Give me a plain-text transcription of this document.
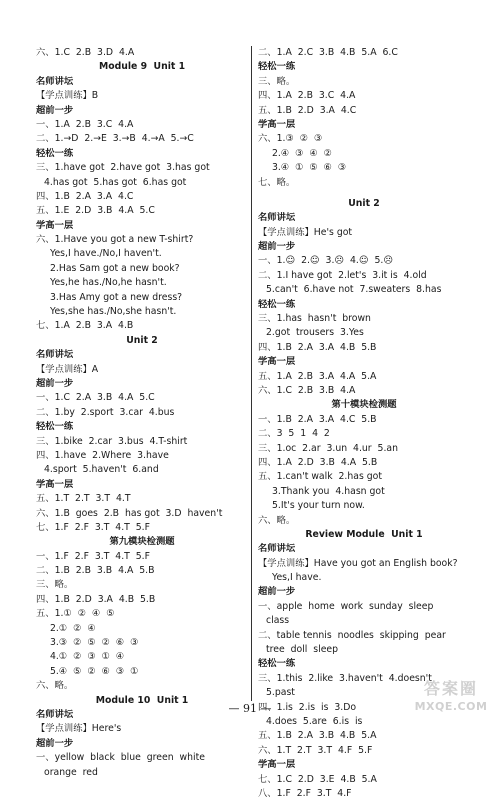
六、1.C  2.B  3.D  4.A
Module 9  Unit 1
名师讲坛
【学点训练】B
超前一步
一、1.A  2.B  3.C  4.A
二、1.→D  2.→E  3.→B  4.→A  5.→C
轻松一练
三、1.have got  2.have got  3.has got
4.has got  5.has got  6.has got
四、1.B  2.A  3.A  4.C
五、1.E  2.D  3.B  4.A  5.C
学高一层
六、1.Have you got a new T-shirt?
Yes,I have./No,I haven't.
2.Has Sam got a new book?
Yes,he has./No,he hasn't.
3.Has Amy got a new dress?
Yes,she has./No,she hasn't.
七、1.A  2.B  3.A  4.B
Unit 2
名师讲坛
【学点训练】A
超前一步
一、1.C  2.A  3.B  4.A  5.C
二、1.by  2.sport  3.car  4.bus
轻松一练
三、1.bike  2.car  3.bus  4.T-shirt
四、1.have  2.Where  3.have
4.sport  5.haven't  6.and
学高一层
五、1.T  2.T  3.T  4.T
六、1.B  goes  2.B  has got  3.D  haven't
七、1.F  2.F  3.T  4.T  5.F
第九模块检测题
一、1.F  2.F  3.T  4.T  5.F
二、1.B  2.B  3.B  4.A  5.B
三、略。
四、1.B  2.D  3.A  4.B  5.B
五、1.①  ②  ④  ⑤
2.①  ②  ④
3.③  ②  ⑤  ②  ⑥  ③
4.①  ②  ③  ①  ④
5.④  ⑤  ②  ⑥  ③  ①
六、略。
Module 10  Unit 1
名师讲坛
【学点训练】Here's
超前一步
一、yellow  black  blue  green  white
orange  red
二、1.A  2.C  3.B  4.B  5.A  6.C
轻松一练
三、略。
四、1.A  2.B  3.C  4.A
五、1.B  2.D  3.A  4.C
学高一层
六、1.③  ②  ③
2.④  ③  ④  ②
3.④  ①  ⑤  ⑥  ③
七、略。
Unit 2
名师讲坛
【学点训练】He's got
超前一步
一、1.☺  2.☺  3.☹  4.☺  5.☹
二、1.I have got  2.let's  3.it is  4.old
5.can't  6.have not  7.sweaters  8.has
轻松一练
三、1.has  hasn't  brown
2.got  trousers  3.Yes
四、1.B  2.A  3.A  4.B  5.B
学高一层
五、1.A  2.B  3.A  4.A  5.A
六、1.C  2.B  3.B  4.A
第十模块检测题
一、1.B  2.A  3.A  4.C  5.B
二、3  5  1  4  2
三、1.oc  2.ar  3.un  4.ur  5.an
四、1.A  2.D  3.B  4.A  5.B
五、1.can't walk  2.has got
3.Thank you  4.hasn got
5.It's your turn now.
六、略。
Review Module  Unit 1
名师讲坛
【学点训练】Have you got an English book?
Yes,I have.
超前一步
一、apple  home  work  sunday  sleep
class
二、table tennis  noodles  skipping  pear
tree  doll  sleep
轻松一练
三、1.this  2.like  3.haven't  4.doesn't
5.past
四、1.is  2.is  is  3.Do
4.does  5.are  6.is  is
五、1.B  2.A  3.B  4.B  5.A
六、1.T  2.T  3.T  4.F  5.F
学高一层
七、1.C  2.D  3.E  4.B  5.A
八、1.F  2.F  3.T  4.F
— 91 —
答案圈
MXQE.COM
